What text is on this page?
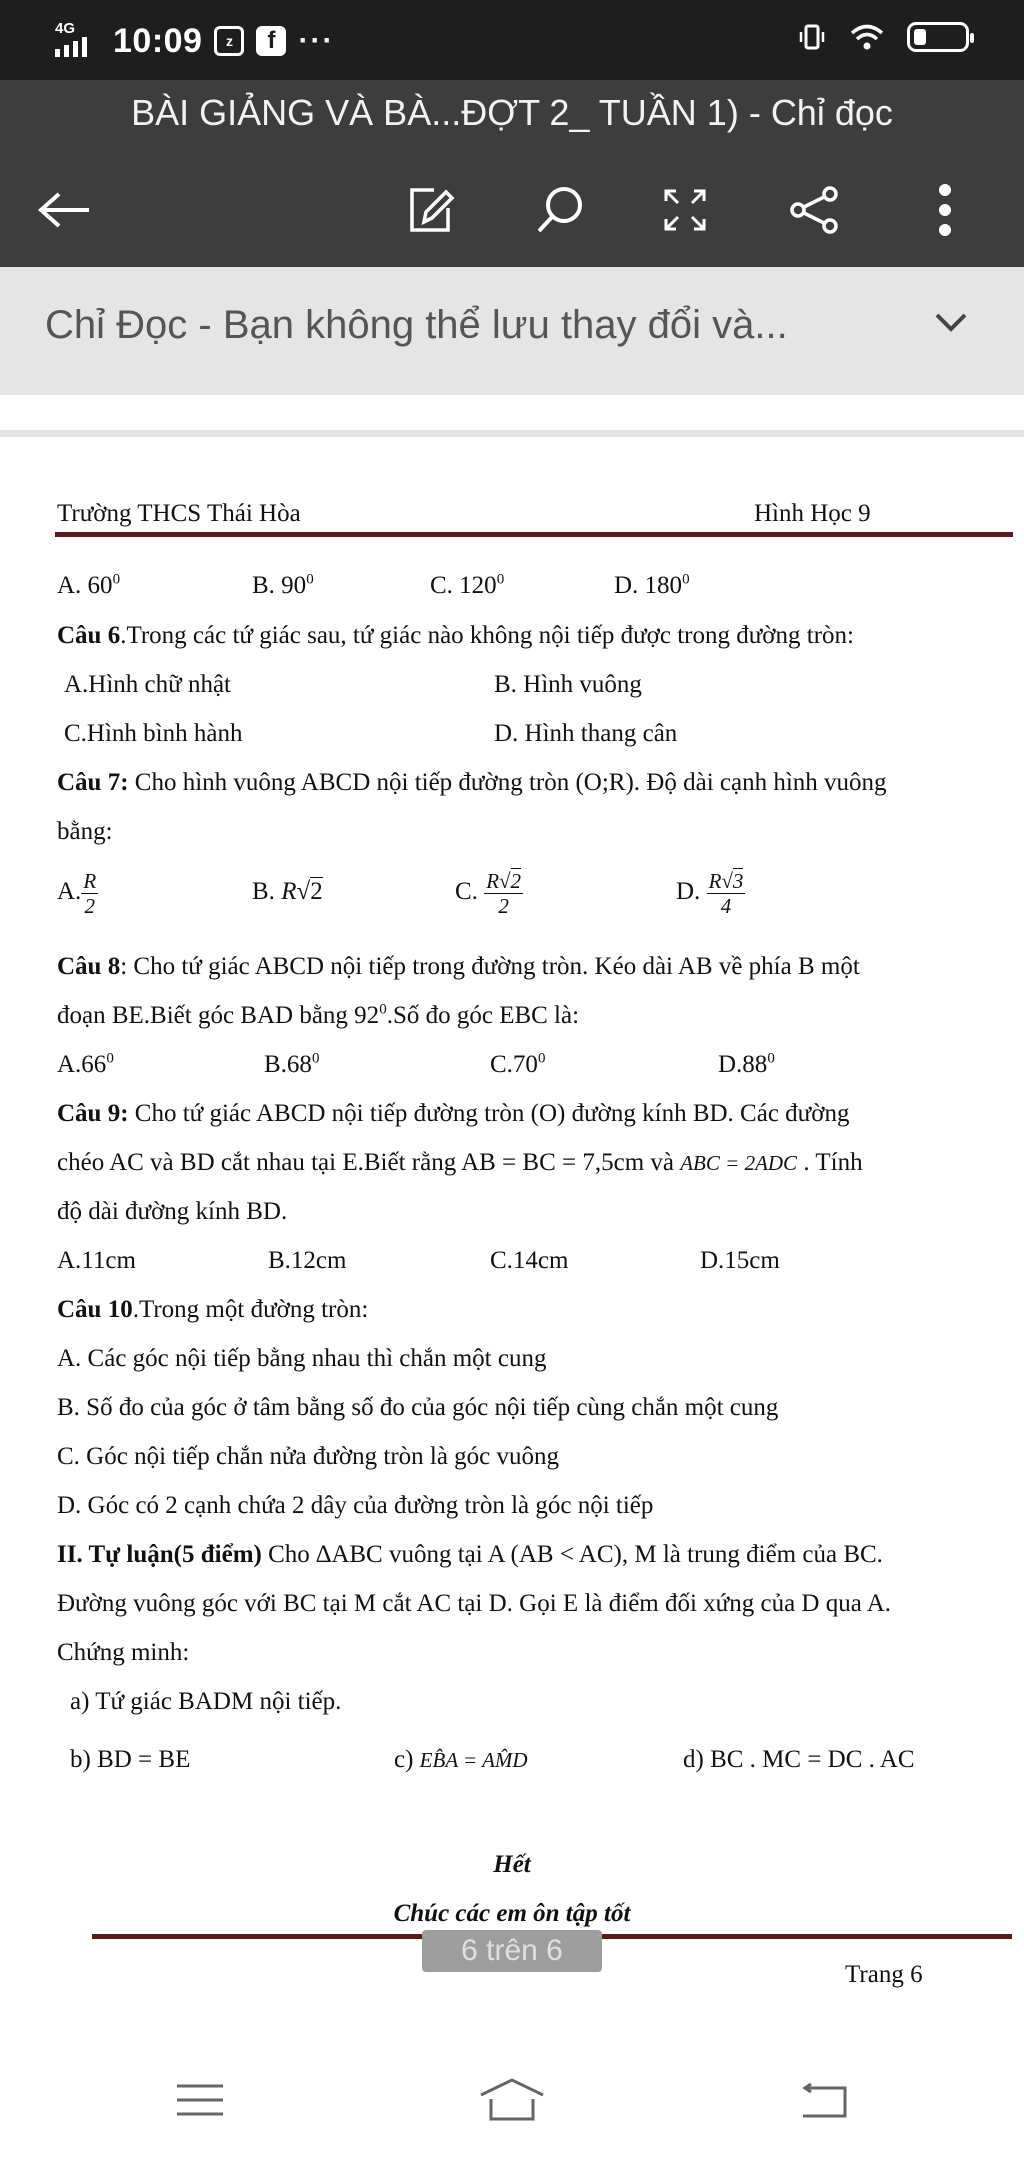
4G 10:09	z	f ···
BÀI GIẢNG VÀ BÀ...ĐỢT 2_ TUẦN 1) - Chỉ đọc
Chỉ Đọc - Bạn không thể lưu thay đổi và...
Trường THCS Thái Hòa	Hình Học 9
A. $60^0$	B. $90^0$	C. $120^0$	D. $180^0$
Câu 6.Trong các tứ giác sau, tứ giác nào không nội tiếp được trong đường tròn:
A.Hình chữ nhật	B. Hình vuông
C.Hình bình hành	D. Hình thang cân
Câu 7: Cho hình vuông ABCD nội tiếp đường tròn (O;R). Độ dài cạnh hình vuông
bằng:
A. $\frac{R}{2}$	B. R√2	C. $\frac{R√2}{2}$	D. $\frac{R√3}{4}$
Câu 8: Cho tứ giác ABCD nội tiếp trong đường tròn. Kéo dài AB về phía B một
đoạn BE.Biết góc BAD bằng $92^0.Số$ đo góc EBC là:
$A.66^0$	$B.68^0$	$C.70^0$	$D.88^0$
Câu 9: Cho tứ giác ABCD nội tiếp đường tròn (O) đường kính BD. Các đường
chéo AC và BD cắt nhau tại E.Biết rằng AB = BC = 7,5cm và ABC = 2ADC . Tính
độ dài đường kính BD.
A.11cm	B.12cm	C.14cm	D.15cm
Câu 10.Trong một đường tròn:
A. Các góc nội tiếp bằng nhau thì chắn một cung
B. Số đo của góc ở tâm bằng số đo của góc nội tiếp cùng chắn một cung
C. Góc nội tiếp chắn nửa đường tròn là góc vuông
D. Góc có 2 cạnh chứa 2 dây của đường tròn là góc nội tiếp
II. Tự luận(5 điểm) Cho ∆ABC vuông tại A (AB < AC), M là trung điểm của BC.
Đường vuông góc với BC tại M cắt AC tại D. Gọi E là điểm đối xứng của D qua A.
Chứng minh:
a) Tứ giác BADM nội tiếp.
b) BD = BE	c) EB̂A = AM̂D	d) BC . MC = DC . AC
Hết
Chúc các em ôn tập tốt
Trang 6
6 trên 6
